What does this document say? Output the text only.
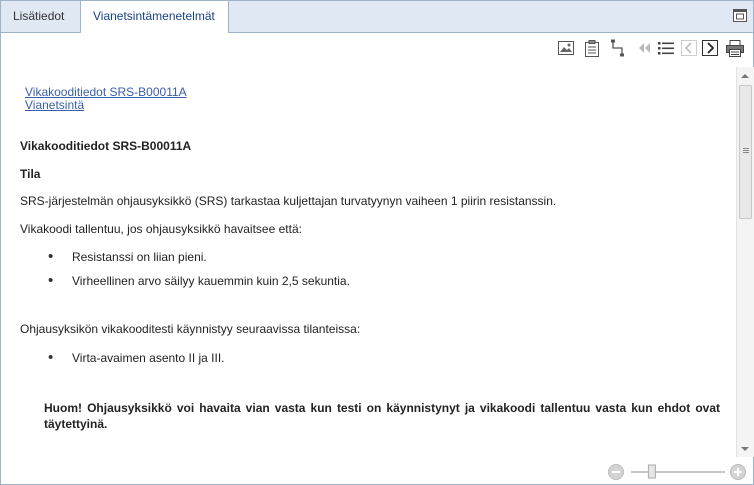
Lisätiedot	Vianetsintämenetelmät
Vikakooditiedot SRS-B00011A
Vianetsintä

Vikakooditiedot SRS-B00011A

Tila

SRS-järjestelmän ohjausyksikkö (SRS) tarkastaa kuljettajan turvatyynyn vaiheen 1 piirin resistanssin.

Vikakoodi tallentuu, jos ohjausyksikkö havaitsee että:

• Resistanssi on liian pieni.
• Virheellinen arvo säilyy kauemmin kuin 2,5 sekuntia.

Ohjausyksikön vikakooditesti käynnistyy seuraavissa tilanteissa:

• Virta-avaimen asento II ja III.

Huom! Ohjausyksikkö voi havaita vian vasta kun testi on käynnistynyt ja vikakoodi tallentuu vasta kun ehdot ovat täytettyinä.
